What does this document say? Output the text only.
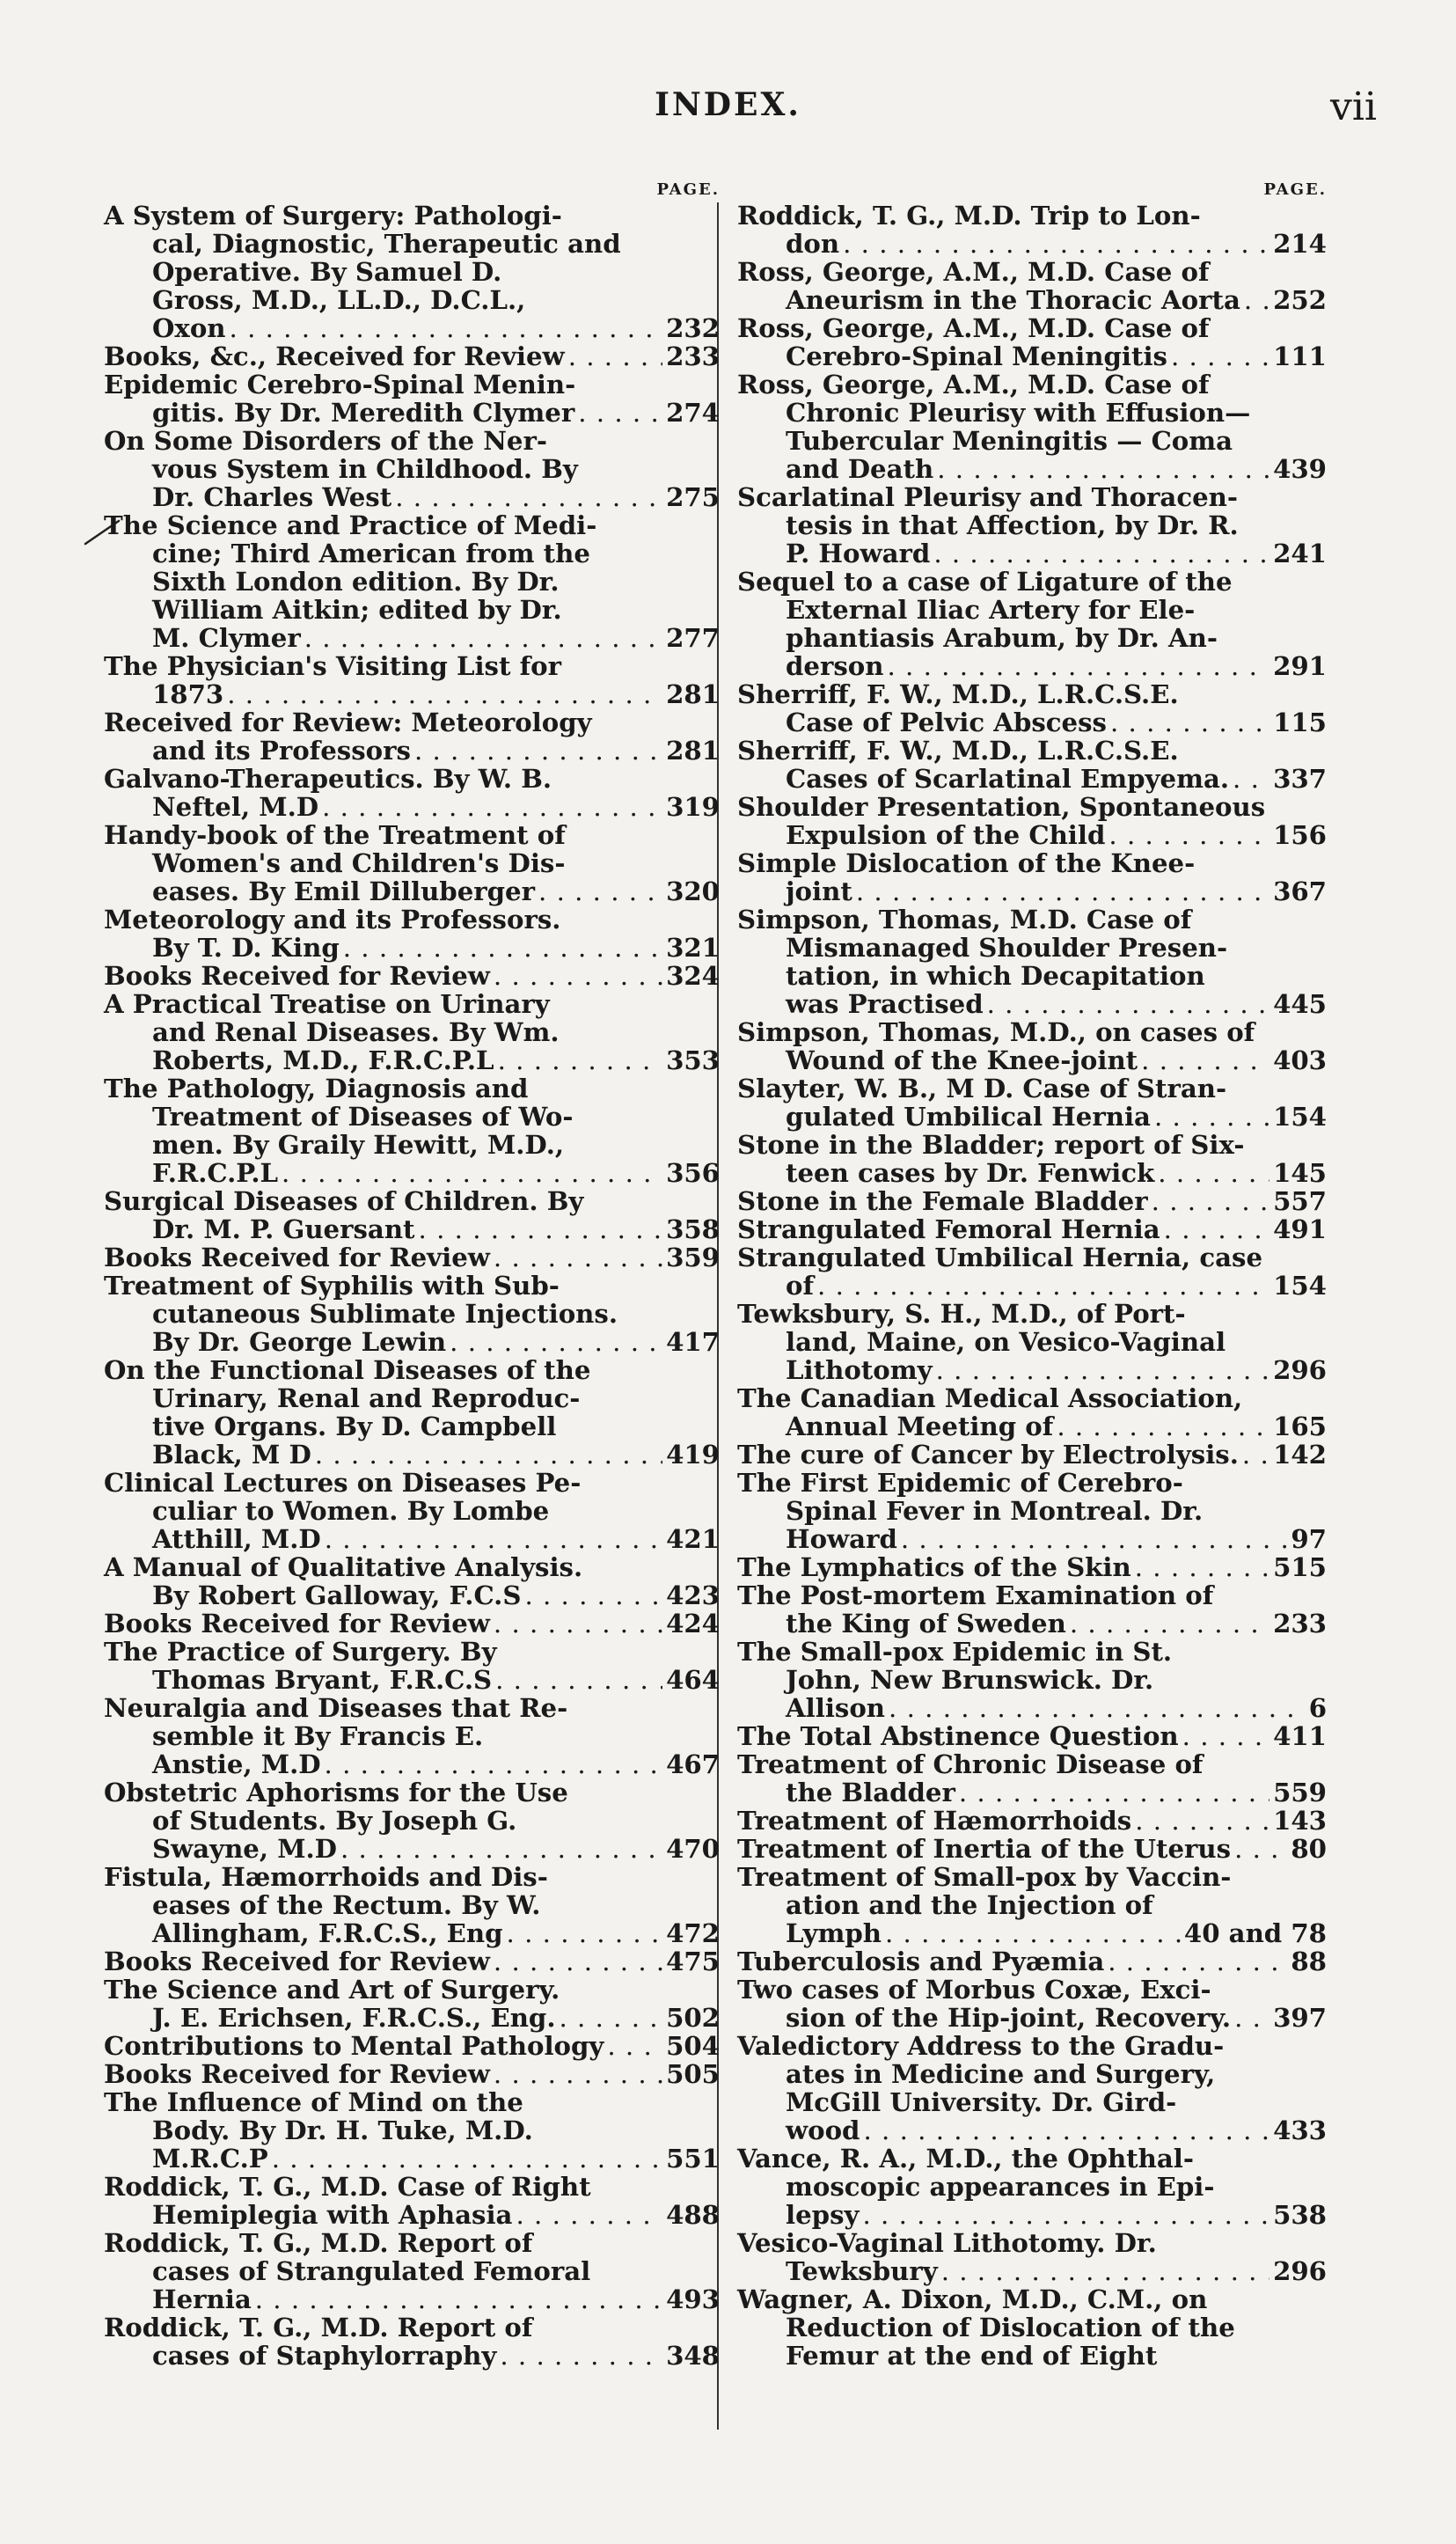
INDEX.	vii
PAGE.
A System of Surgery: Pathologi-
cal, Diagnostic, Therapeutic and
Operative. By Samuel D.
Gross, M.D., LL.D., D.C.L.,
Oxon . . .	232
Books, &c., Received for Review . . .	233
Epidemic Cerebro-Spinal Menin-
gitis. By Dr. Meredith Clymer . . .	274
On Some Disorders of the Ner-
vous System in Childhood. By
Dr. Charles West . . .	275
The Science and Practice of Medi-
cine; Third American from the
Sixth London edition. By Dr.
William Aitkin; edited by Dr.
M. Clymer . . .	277
The Physician's Visiting List for
1873 . . .	281
Received for Review: Meteorology
and its Professors . . .	281
Galvano-Therapeutics. By W. B.
Neftel, M.D . . .	319
Handy-book of the Treatment of
Women's and Children's Dis-
eases. By Emil Dilluberger . . .	320
Meteorology and its Professors.
By T. D. King . . .	321
Books Received for Review . . .	324
A Practical Treatise on Urinary
and Renal Diseases. By Wm.
Roberts, M.D., F.R.C.P.L . . .	353
The Pathology, Diagnosis and
Treatment of Diseases of Wo-
men. By Graily Hewitt, M.D.,
F.R.C.P.L . . .	356
Surgical Diseases of Children. By
Dr. M. P. Guersant . . .	358
Books Received for Review . . .	359
Treatment of Syphilis with Sub-
cutaneous Sublimate Injections.
By Dr. George Lewin . . .	417
On the Functional Diseases of the
Urinary, Renal and Reproduc-
tive Organs. By D. Campbell
Black, M D . . .	419
Clinical Lectures on Diseases Pe-
culiar to Women. By Lombe
Atthill, M.D . . .	421
A Manual of Qualitative Analysis.
By Robert Galloway, F.C.S . . .	423
Books Received for Review . . .	424
The Practice of Surgery. By
Thomas Bryant, F.R.C.S . . .	464
Neuralgia and Diseases that Re-
semble it By Francis E.
Anstie, M.D . . .	467
Obstetric Aphorisms for the Use
of Students. By Joseph G.
Swayne, M.D . . .	470
Fistula, Hæmorrhoids and Dis-
eases of the Rectum. By W.
Allingham, F.R.C.S., Eng . . .	472
Books Received for Review . . .	475
The Science and Art of Surgery.
J. E. Erichsen, F.R.C.S., Eng. . . .	502
Contributions to Mental Pathology . . . 504
Books Received for Review . . .	505
The Influence of Mind on the
Body. By Dr. H. Tuke, M.D.
M.R.C.P . . .	551
Roddick, T. G., M.D. Case of Right
Hemiplegia with Aphasia . . .	488
Roddick, T. G., M.D. Report of
cases of Strangulated Femoral
Hernia . . .	493
Roddick, T. G., M.D. Report of
cases of Staphylorraphy . . .	348
PAGE.
Roddick, T. G., M.D. Trip to Lon-
don . . .	214
Ross, George, A.M., M.D. Case of
Aneurism in the Thoracic Aorta . . . 252
Ross, George, A.M., M.D. Case of
Cerebro-Spinal Meningitis . . .	111
Ross, George, A.M., M.D. Case of
Chronic Pleurisy with Effusion—
Tubercular Meningitis — Coma
and Death . . .	439
Scarlatinal Pleurisy and Thoracen-
tesis in that Affection, by Dr. R.
P. Howard . . .	241
Sequel to a case of Ligature of the
External Iliac Artery for Ele-
phantiasis Arabum, by Dr. An-
derson . . .	291
Sherriff, F. W., M.D., L.R.C.S.E.
Case of Pelvic Abscess . . .	115
Sherriff, F. W., M.D., L.R.C.S.E.
Cases of Scarlatinal Empyema. . . . 337
Shoulder Presentation, Spontaneous
Expulsion of the Child . . .	156
Simple Dislocation of the Knee-
joint . . .	367
Simpson, Thomas, M.D. Case of
Mismanaged Shoulder Presen-
tation, in which Decapitation
was Practised . . .	445
Simpson, Thomas, M.D., on cases of
Wound of the Knee-joint . . .	403
Slayter, W. B., M D. Case of Stran-
gulated Umbilical Hernia . . .	154
Stone in the Bladder; report of Six-
teen cases by Dr. Fenwick . . .	145
Stone in the Female Bladder . . .	557
Strangulated Femoral Hernia . . .	491
Strangulated Umbilical Hernia, case
of . . .	154
Tewksbury, S. H., M.D., of Port-
land, Maine, on Vesico-Vaginal
Lithotomy . . .	296
The Canadian Medical Association,
Annual Meeting of . . .	165
The cure of Cancer by Electrolysis. . . . 142
The First Epidemic of Cerebro-
Spinal Fever in Montreal. Dr.
Howard . . .	97
The Lymphatics of the Skin . . .	515
The Post-mortem Examination of
the King of Sweden . . .	233
The Small-pox Epidemic in St.
John, New Brunswick. Dr.
Allison . . .	6
The Total Abstinence Question . . .	411
Treatment of Chronic Disease of
the Bladder . . .	559
Treatment of Hæmorrhoids . . .	143
Treatment of Inertia of the Uterus . . . 80
Treatment of Small-pox by Vaccin-
ation and the Injection of
Lymph . . .	40 and 78
Tuberculosis and Pyæmia . . .	88
Two cases of Morbus Coxæ, Exci-
sion of the Hip-joint, Recovery. . . . 397
Valedictory Address to the Gradu-
ates in Medicine and Surgery,
McGill University. Dr. Gird-
wood . . .	433
Vance, R. A., M.D., the Ophthal-
moscopic appearances in Epi-
lepsy . . .	538
Vesico-Vaginal Lithotomy. Dr.
Tewksbury . . .	296
Wagner, A. Dixon, M.D., C.M., on
Reduction of Dislocation of the
Femur at the end of Eight
